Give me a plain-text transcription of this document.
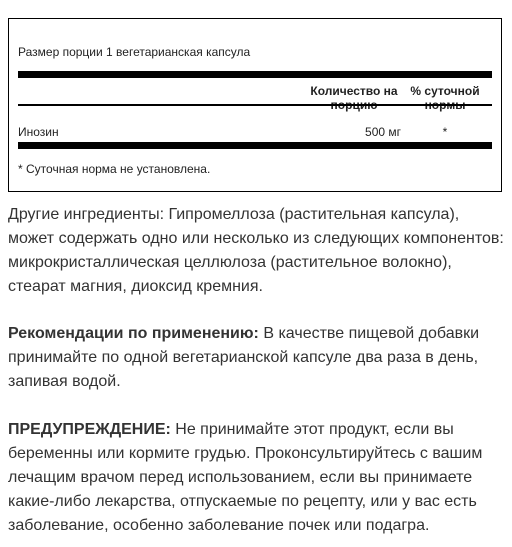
Размер порции 1 вегетарианская капсула
Количество на % суточной
Инозин	500 мг	*
* Суточная норма не установлена.

Другие ингредиенты: Гипромеллоза (растительная капсула), может содержать одно или несколько из следующих компонентов: микрокристаллическая целлюлоза (растительное волокно), стеарат магния, диоксид кремния.

Рекомендации по применению: В качестве пищевой добавки принимайте по одной вегетарианской капсуле два раза в день, запивая водой.

ПРЕДУПРЕЖДЕНИЕ: Не принимайте этот продукт, если вы беременны или кормите грудью. Проконсультируйтесь с вашим лечащим врачом перед использованием, если вы принимаете какие-либо лекарства, отпускаемые по рецепту, или у вас есть заболевание, особенно заболевание почек или подагра.
